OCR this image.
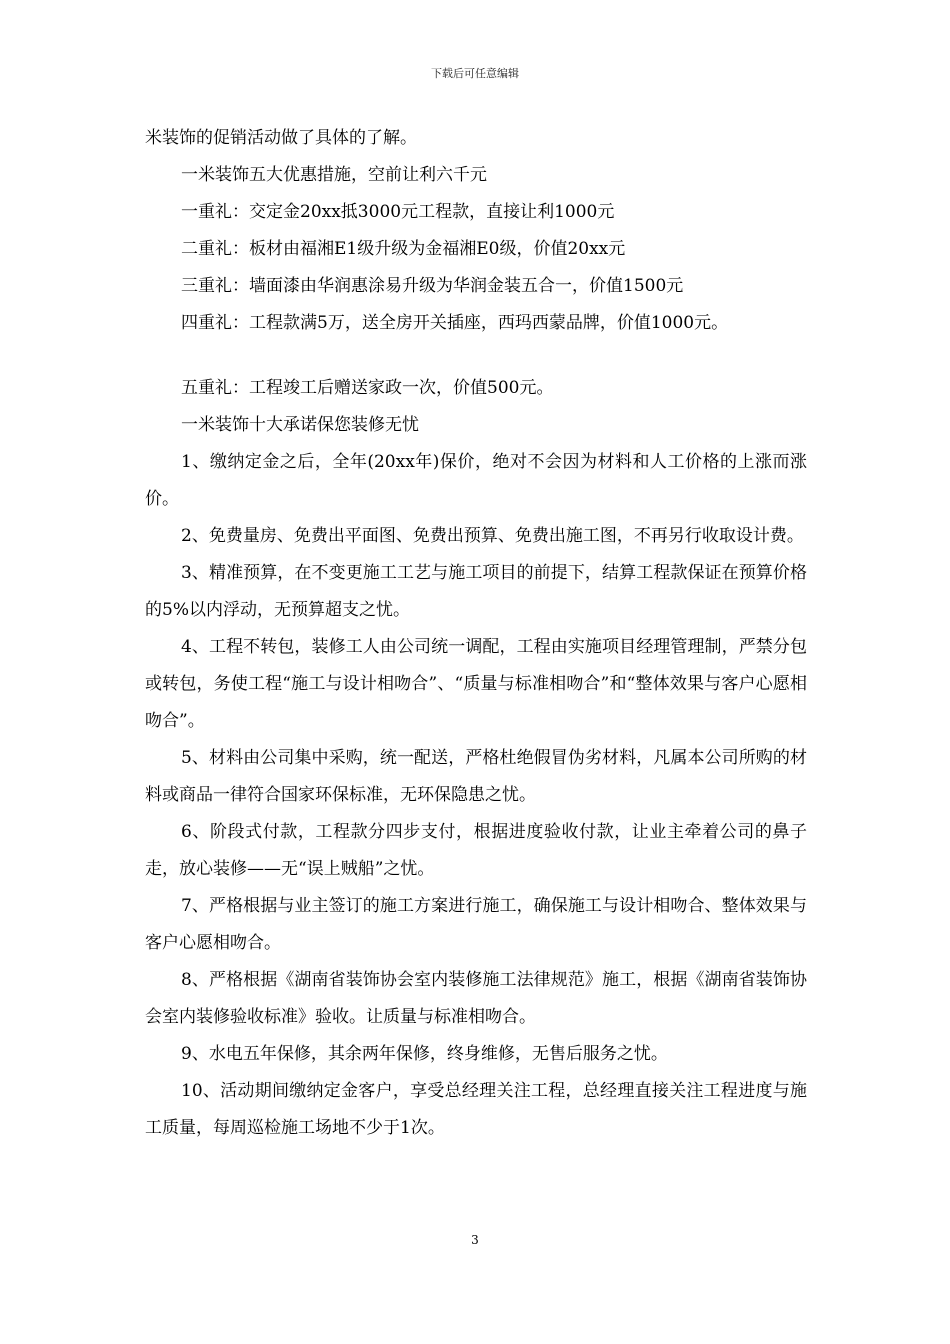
下载后可任意编辑
米装饰的促销活动做了具体的了解。
一米装饰五大优惠措施，空前让利六千元
一重礼：交定金20xx抵3000元工程款，直接让利1000元
二重礼：板材由福湘E1级升级为金福湘E0级，价值20xx元
三重礼：墙面漆由华润惠涂易升级为华润金装五合一，价值1500元
四重礼：工程款满5万，送全房开关插座，西玛西蒙品牌，价值1000元。
五重礼：工程竣工后赠送家政一次，价值500元。
一米装饰十大承诺保您装修无忧
1、缴纳定金之后，全年(20xx年)保价，绝对不会因为材料和人工价格的上涨而涨价。
2、免费量房、免费出平面图、免费出预算、免费出施工图，不再另行收取设计费。
3、精准预算，在不变更施工工艺与施工项目的前提下，结算工程款保证在预算价格的5%以内浮动，无预算超支之忧。
4、工程不转包，装修工人由公司统一调配，工程由实施项目经理管理制，严禁分包或转包，务使工程“施工与设计相吻合”、“质量与标准相吻合”和“整体效果与客户心愿相吻合”。
5、材料由公司集中采购，统一配送，严格杜绝假冒伪劣材料，凡属本公司所购的材料或商品一律符合国家环保标准，无环保隐患之忧。
6、阶段式付款，工程款分四步支付，根据进度验收付款，让业主牵着公司的鼻子走，放心装修——无“误上贼船”之忧。
7、严格根据与业主签订的施工方案进行施工，确保施工与设计相吻合、整体效果与客户心愿相吻合。
8、严格根据《湖南省装饰协会室内装修施工法律规范》施工，根据《湖南省装饰协会室内装修验收标准》验收。让质量与标准相吻合。
9、水电五年保修，其余两年保修，终身维修，无售后服务之忧。
10、活动期间缴纳定金客户，享受总经理关注工程，总经理直接关注工程进度与施工质量，每周巡检施工场地不少于1次。
3
